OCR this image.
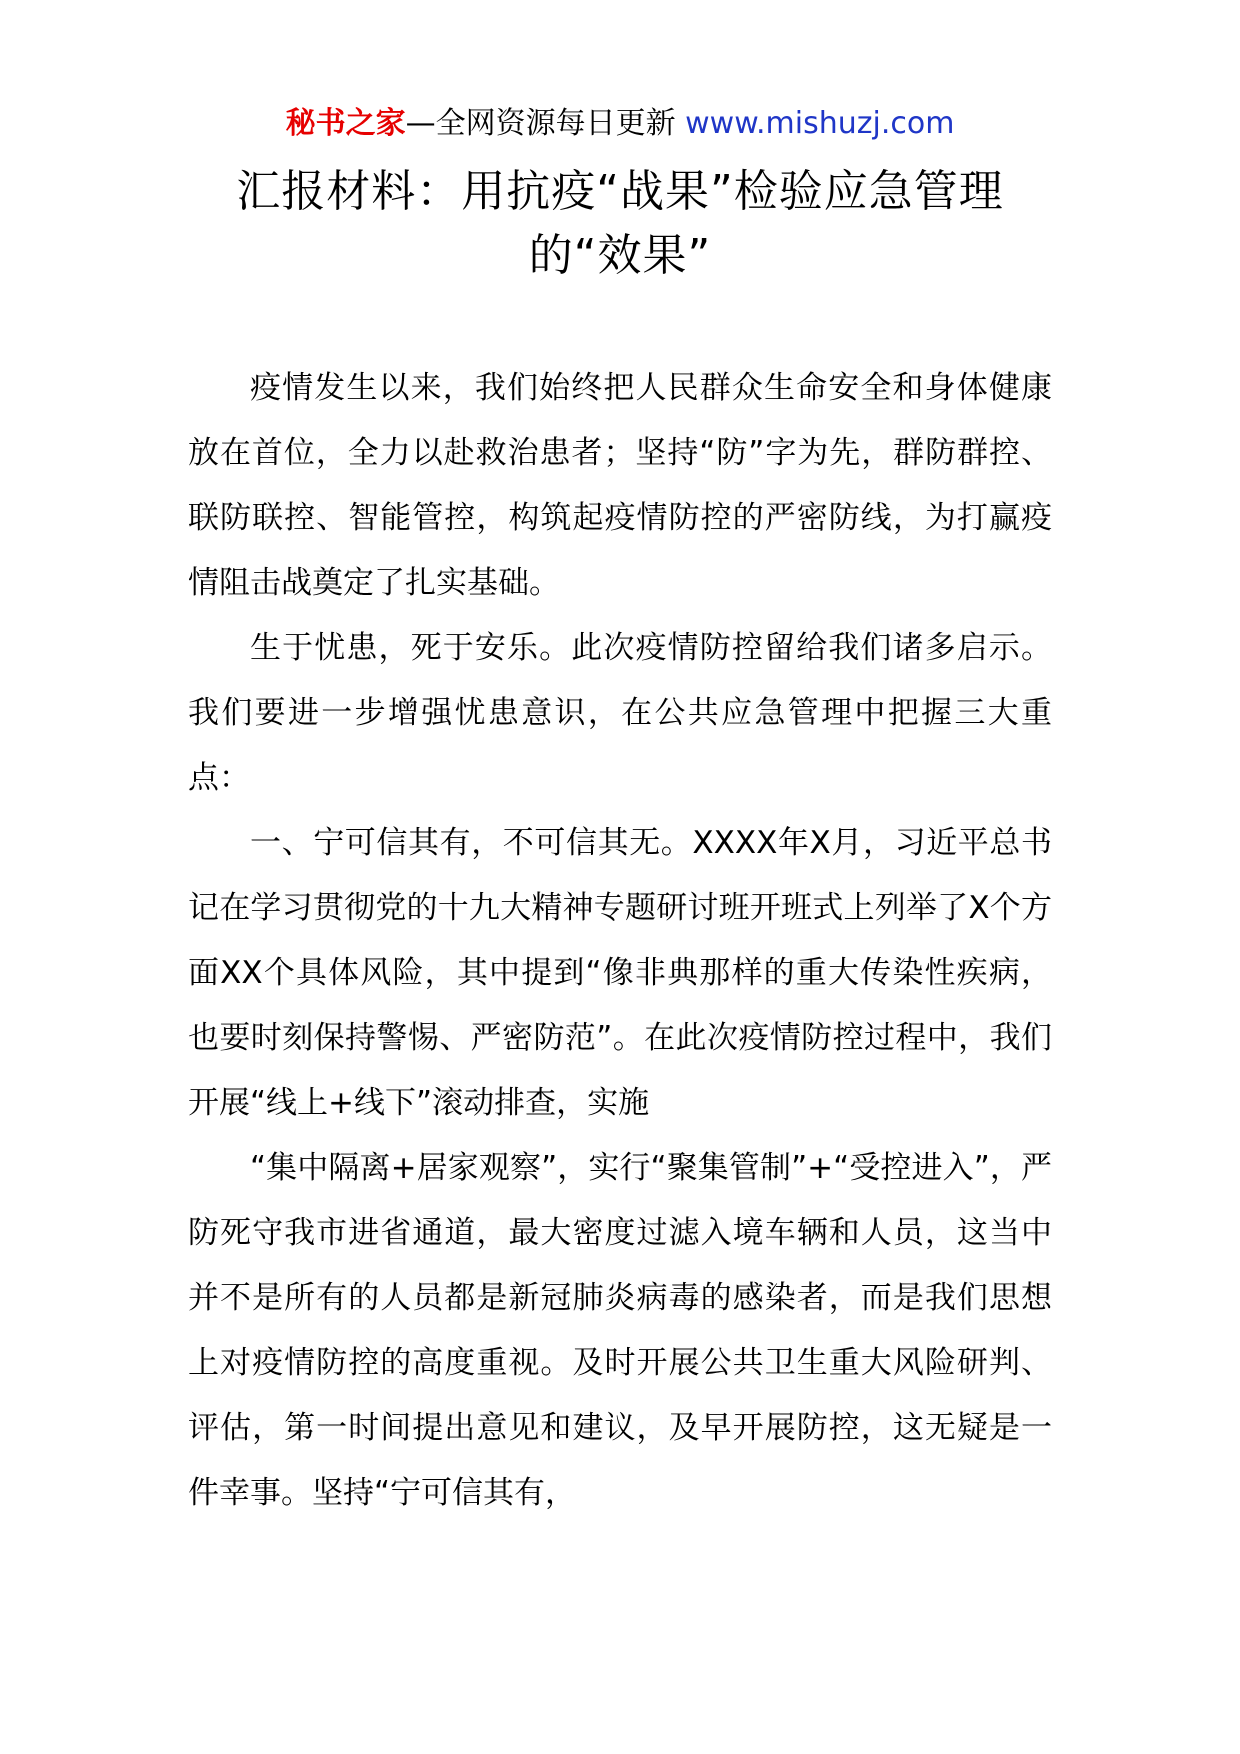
秘书之家—全网资源每日更新 www.mishuzj.com
汇报材料：用抗疫“战果”检验应急管理
的“效果”

疫情发生以来，我们始终把人民群众生命安全和身体健康放在首位，全力以赴救治患者；坚持“防”字为先，群防群控、联防联控、智能管控，构筑起疫情防控的严密防线，为打赢疫情阻击战奠定了扎实基础。

生于忧患，死于安乐。此次疫情防控留给我们诸多启示。我们要进一步增强忧患意识，在公共应急管理中把握三大重点：

一、宁可信其有，不可信其无。XXXX年X月，习近平总书记在学习贯彻党的十九大精神专题研讨班开班式上列举了X个方面XX个具体风险，其中提到“像非典那样的重大传染性疾病，也要时刻保持警惕、严密防范”。在此次疫情防控过程中，我们开展“线上+线下”滚动排查，实施

“集中隔离+居家观察”，实行“聚集管制”+“受控进入”，严防死守我市进省通道，最大密度过滤入境车辆和人员，这当中并不是所有的人员都是新冠肺炎病毒的感染者，而是我们思想上对疫情防控的高度重视。及时开展公共卫生重大风险研判、评估，第一时间提出意见和建议，及早开展防控，这无疑是一件幸事。坚持“宁可信其有，
